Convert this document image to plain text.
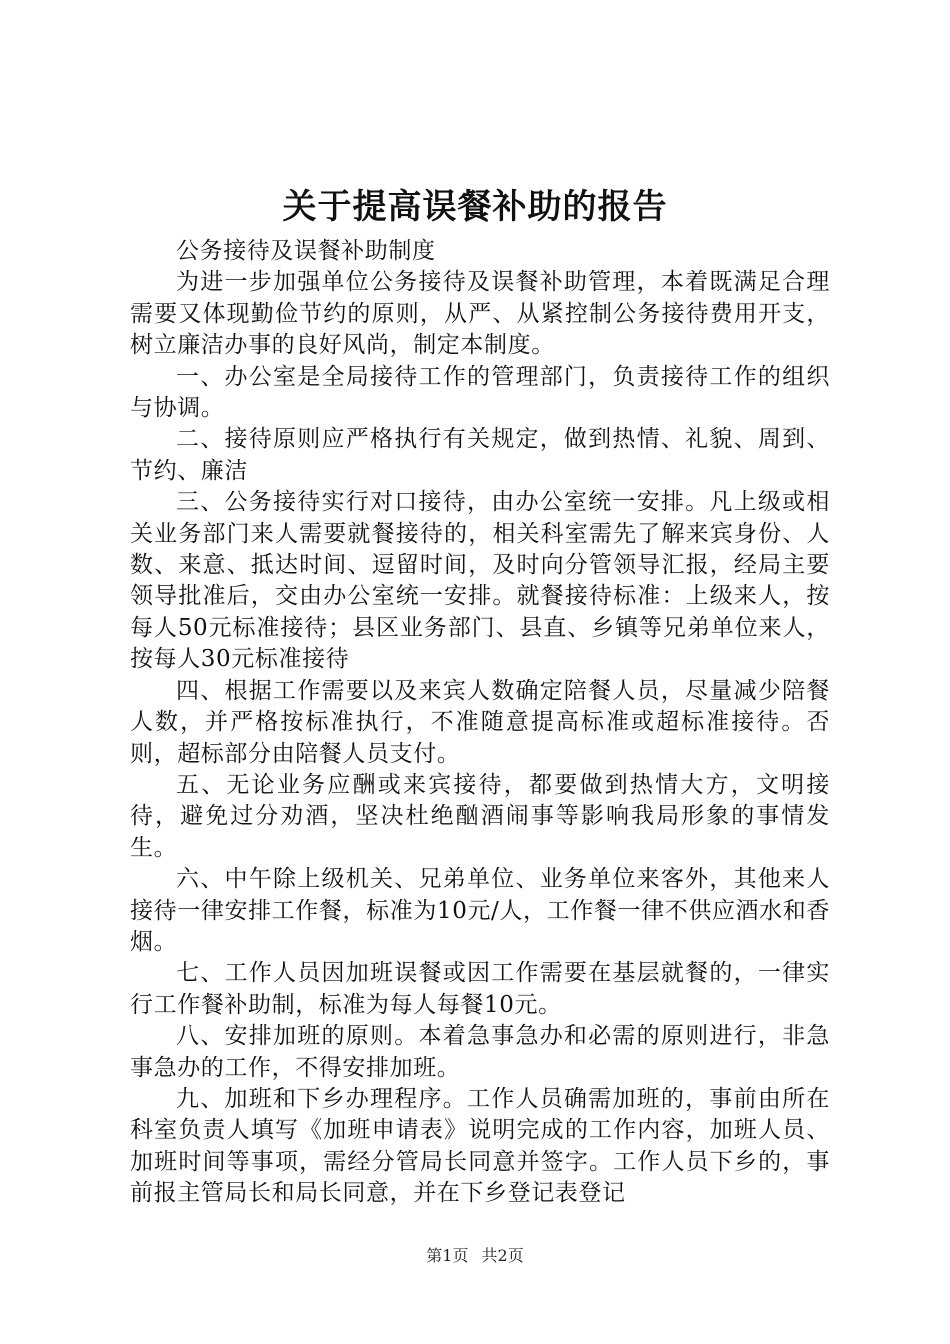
关于提高误餐补助的报告

公务接待及误餐补助制度

为进一步加强单位公务接待及误餐补助管理，本着既满足合理需要又体现勤俭节约的原则，从严、从紧控制公务接待费用开支，树立廉洁办事的良好风尚，制定本制度。

一、办公室是全局接待工作的管理部门，负责接待工作的组织与协调。

二、接待原则应严格执行有关规定，做到热情、礼貌、周到、节约、廉洁

三、公务接待实行对口接待，由办公室统一安排。凡上级或相关业务部门来人需要就餐接待的，相关科室需先了解来宾身份、人数、来意、抵达时间、逗留时间，及时向分管领导汇报，经局主要领导批准后，交由办公室统一安排。就餐接待标准：上级来人，按每人50元标准接待；县区业务部门、县直、乡镇等兄弟单位来人，按每人30元标准接待

四、根据工作需要以及来宾人数确定陪餐人员，尽量减少陪餐人数，并严格按标准执行，不准随意提高标准或超标准接待。否则，超标部分由陪餐人员支付。

五、无论业务应酬或来宾接待，都要做到热情大方，文明接待，避免过分劝酒，坚决杜绝酗酒闹事等影响我局形象的事情发生。

六、中午除上级机关、兄弟单位、业务单位来客外，其他来人接待一律安排工作餐，标准为10元/人，工作餐一律不供应酒水和香烟。

七、工作人员因加班误餐或因工作需要在基层就餐的，一律实行工作餐补助制，标准为每人每餐10元。

八、安排加班的原则。本着急事急办和必需的原则进行，非急事急办的工作，不得安排加班。

九、加班和下乡办理程序。工作人员确需加班的，事前由所在科室负责人填写《加班申请表》说明完成的工作内容，加班人员、加班时间等事项，需经分管局长同意并签字。工作人员下乡的，事前报主管局长和局长同意，并在下乡登记表登记

第1页 共2页
